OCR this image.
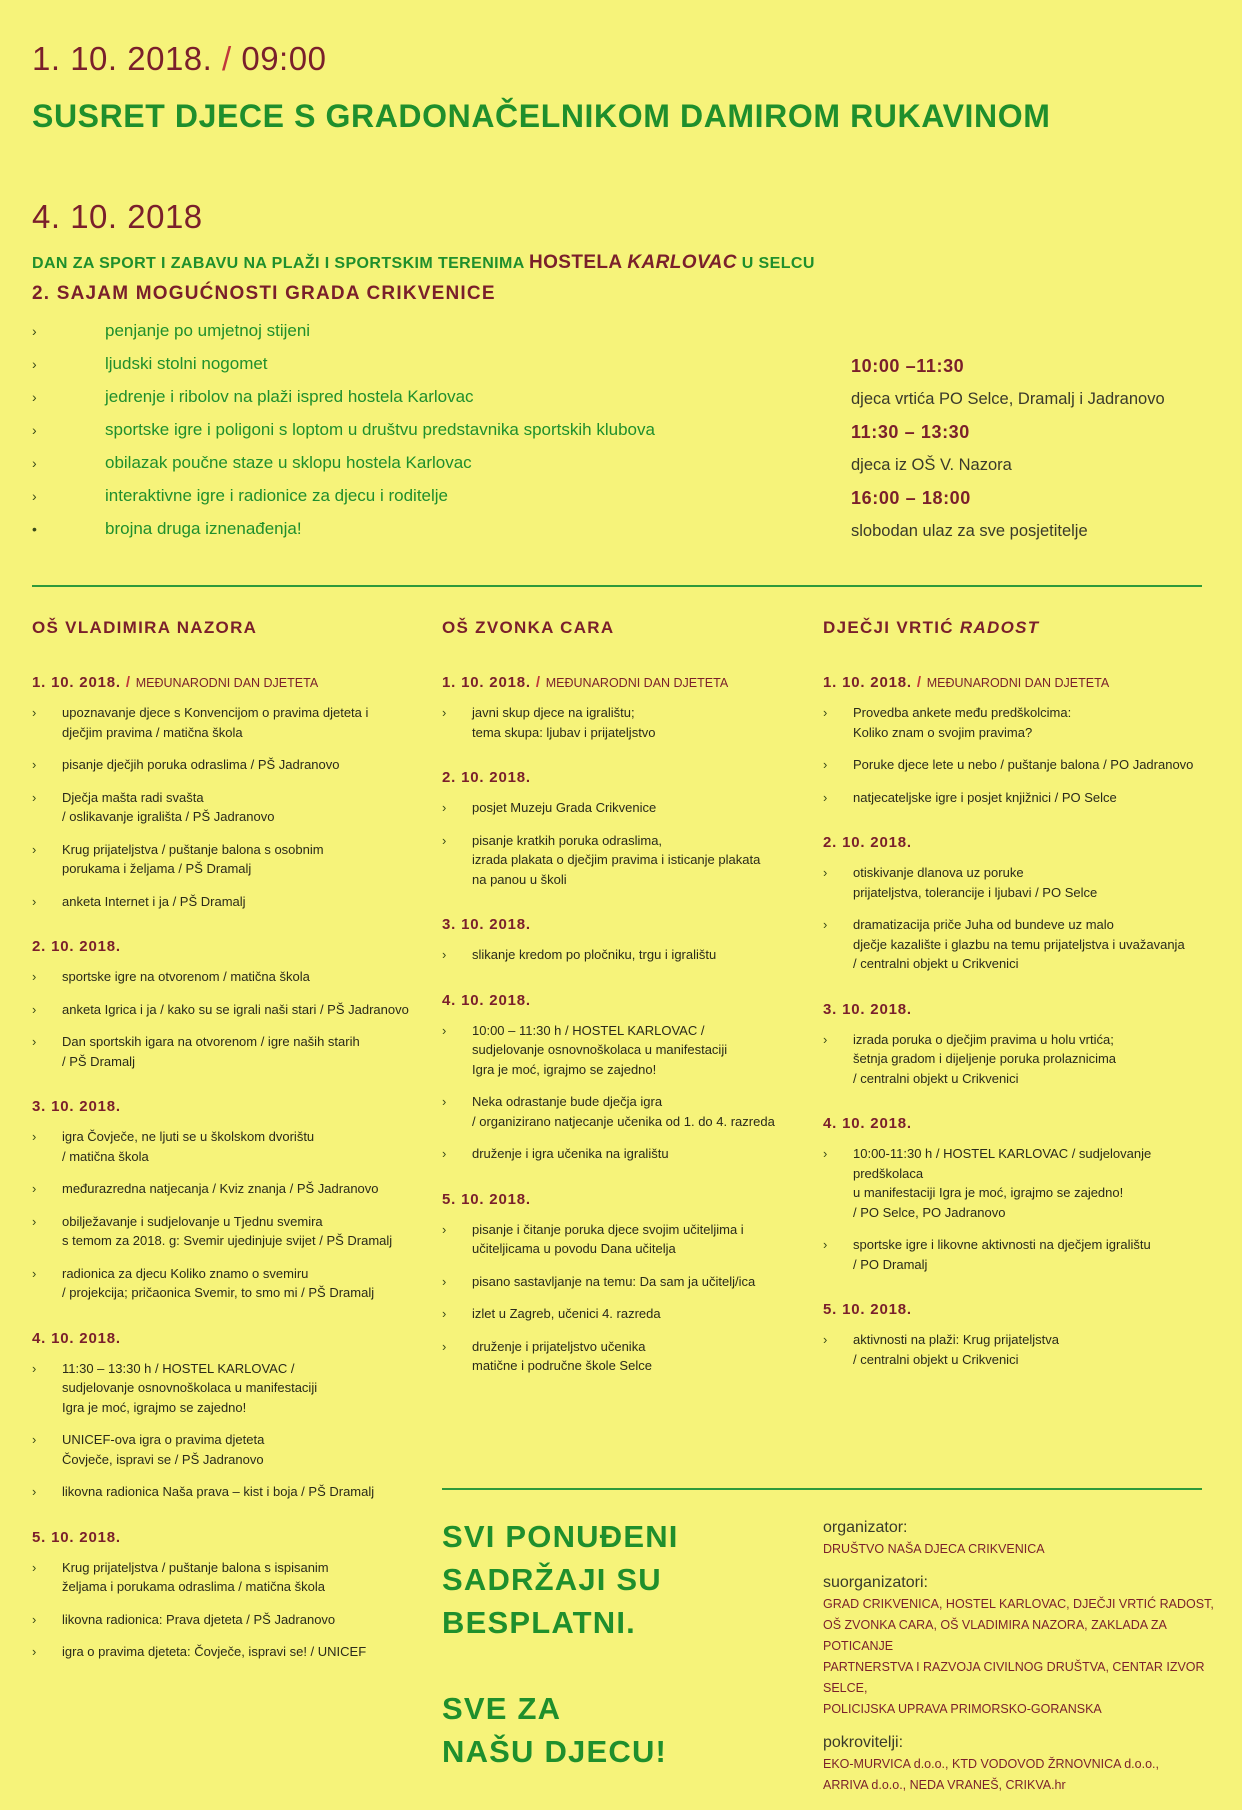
1. 10. 2018. / 09:00
SUSRET DJECE S GRADONAČELNIKOM DAMIROM RUKAVINOM
4. 10. 2018
DAN ZA SPORT I ZABAVU NA PLAŽI I SPORTSKIM TERENIMA HOSTELA KARLOVAC U SELCU
2. SAJAM MOGUĆNOSTI GRADA CRIKVENICE
›	penjanje po umjetnoj stijeni
›	ljudski stolni nogomet
›	jedrenje i ribolov na plaži ispred hostela Karlovac
›	sportske igre i poligoni s loptom u društvu predstavnika sportskih klubova
›	obilazak poučne staze u sklopu hostela Karlovac
›	interaktivne igre i radionice za djecu i roditelje
•	brojna druga iznenađenja!
10:00 –11:30
djeca vrtića PO Selce, Dramalj i Jadranovo
11:30 – 13:30
djeca iz OŠ V. Nazora
16:00 – 18:00
slobodan ulaz za sve posjetitelje
OŠ VLADIMIRA NAZORA
1. 10. 2018. / MEĐUNARODNI DAN DJETETA
›	upoznavanje djece s Konvencijom o pravima djeteta i
dječjim pravima / matična škola
›	pisanje dječjih poruka odraslima / PŠ Jadranovo
›	Dječja mašta radi svašta
/ oslikavanje igrališta / PŠ Jadranovo
›	Krug prijateljstva / puštanje balona s osobnim
porukama i željama / PŠ Dramalj
›	anketa Internet i ja / PŠ Dramalj
2. 10. 2018.
›	sportske igre na otvorenom / matična škola
›	anketa Igrica i ja / kako su se igrali naši stari / PŠ Jadranovo
›	Dan sportskih igara na otvorenom / igre naših starih
/ PŠ Dramalj
3. 10. 2018.
›	igra Čovječe, ne ljuti se u školskom dvorištu
/ matična škola
›	međurazredna natjecanja / Kviz znanja / PŠ Jadranovo
›	obilježavanje i sudjelovanje u Tjednu svemira
s temom za 2018. g: Svemir ujedinjuje svijet / PŠ Dramalj
›	radionica za djecu Koliko znamo o svemiru
/ projekcija; pričaonica Svemir, to smo mi / PŠ Dramalj
4. 10. 2018.
›	11:30 – 13:30 h / HOSTEL KARLOVAC /
sudjelovanje osnovnoškolaca u manifestaciji
Igra je moć, igrajmo se zajedno!
›	UNICEF-ova igra o pravima djeteta
Čovječe, ispravi se / PŠ Jadranovo
›	likovna radionica Naša prava – kist i boja / PŠ Dramalj
5. 10. 2018.
›	Krug prijateljstva / puštanje balona s ispisanim
željama i porukama odraslima / matična škola
›	likovna radionica: Prava djeteta / PŠ Jadranovo
›	igra o pravima djeteta: Čovječe, ispravi se! / UNICEF
OŠ ZVONKA CARA
1. 10. 2018. / MEĐUNARODNI DAN DJETETA
›	javni skup djece na igralištu;
tema skupa: ljubav i prijateljstvo
2. 10. 2018.
›	posjet Muzeju Grada Crikvenice
›	pisanje kratkih poruka odraslima,
izrada plakata o dječjim pravima i isticanje plakata
na panou u školi
3. 10. 2018.
›	slikanje kredom po pločniku, trgu i igralištu
4. 10. 2018.
›	10:00 – 11:30 h / HOSTEL KARLOVAC /
sudjelovanje osnovnoškolaca u manifestaciji
Igra je moć, igrajmo se zajedno!
›	Neka odrastanje bude dječja igra
/ organizirano natjecanje učenika od 1. do 4. razreda
›	druženje i igra učenika na igralištu
5. 10. 2018.
›	pisanje i čitanje poruka djece svojim učiteljima i
učiteljicama u povodu Dana učitelja
›	pisano sastavljanje na temu: Da sam ja učitelj/ica
›	izlet u Zagreb, učenici 4. razreda
›	druženje i prijateljstvo učenika
matične i područne škole Selce
DJEČJI VRTIĆ RADOST
1. 10. 2018. / MEĐUNARODNI DAN DJETETA
›	Provedba ankete među predškolcima:
Koliko znam o svojim pravima?
›	Poruke djece lete u nebo / puštanje balona / PO Jadranovo
›	natjecateljske igre i posjet knjižnici / PO Selce
2. 10. 2018.
›	otiskivanje dlanova uz poruke
prijateljstva, tolerancije i ljubavi / PO Selce
›	dramatizacija priče Juha od bundeve uz malo
dječje kazalište i glazbu na temu prijateljstva i uvažavanja
/ centralni objekt u Crikvenici
3. 10. 2018.
›	izrada poruka o dječjim pravima u holu vrtića;
šetnja gradom i dijeljenje poruka prolaznicima
/ centralni objekt u Crikvenici
4. 10. 2018.
›	10:00-11:30 h / HOSTEL KARLOVAC / sudjelovanje predškolaca
u manifestaciji Igra je moć, igrajmo se zajedno!
/ PO Selce, PO Jadranovo
›	sportske igre i likovne aktivnosti na dječjem igralištu
/ PO Dramalj
5. 10. 2018.
›	aktivnosti na plaži: Krug prijateljstva
/ centralni objekt u Crikvenici
SVI PONUĐENI
SADRŽAJI SU
BESPLATNI.

SVE ZA
NAŠU DJECU!
organizator:
DRUŠTVO NAŠA DJECA CRIKVENICA
suorganizatori:
GRAD CRIKVENICA, HOSTEL KARLOVAC, DJEČJI VRTIĆ RADOST,
OŠ ZVONKA CARA, OŠ VLADIMIRA NAZORA, ZAKLADA ZA POTICANJE
PARTNERSTVA I RAZVOJA CIVILNOG DRUŠTVA, CENTAR IZVOR SELCE,
POLICIJSKA UPRAVA PRIMORSKO-GORANSKA
pokrovitelji:
EKO-MURVICA d.o.o., KTD VODOVOD ŽRNOVNICA d.o.o.,
ARRIVA d.o.o., NEDA VRANEŠ, CRIKVA.hr
